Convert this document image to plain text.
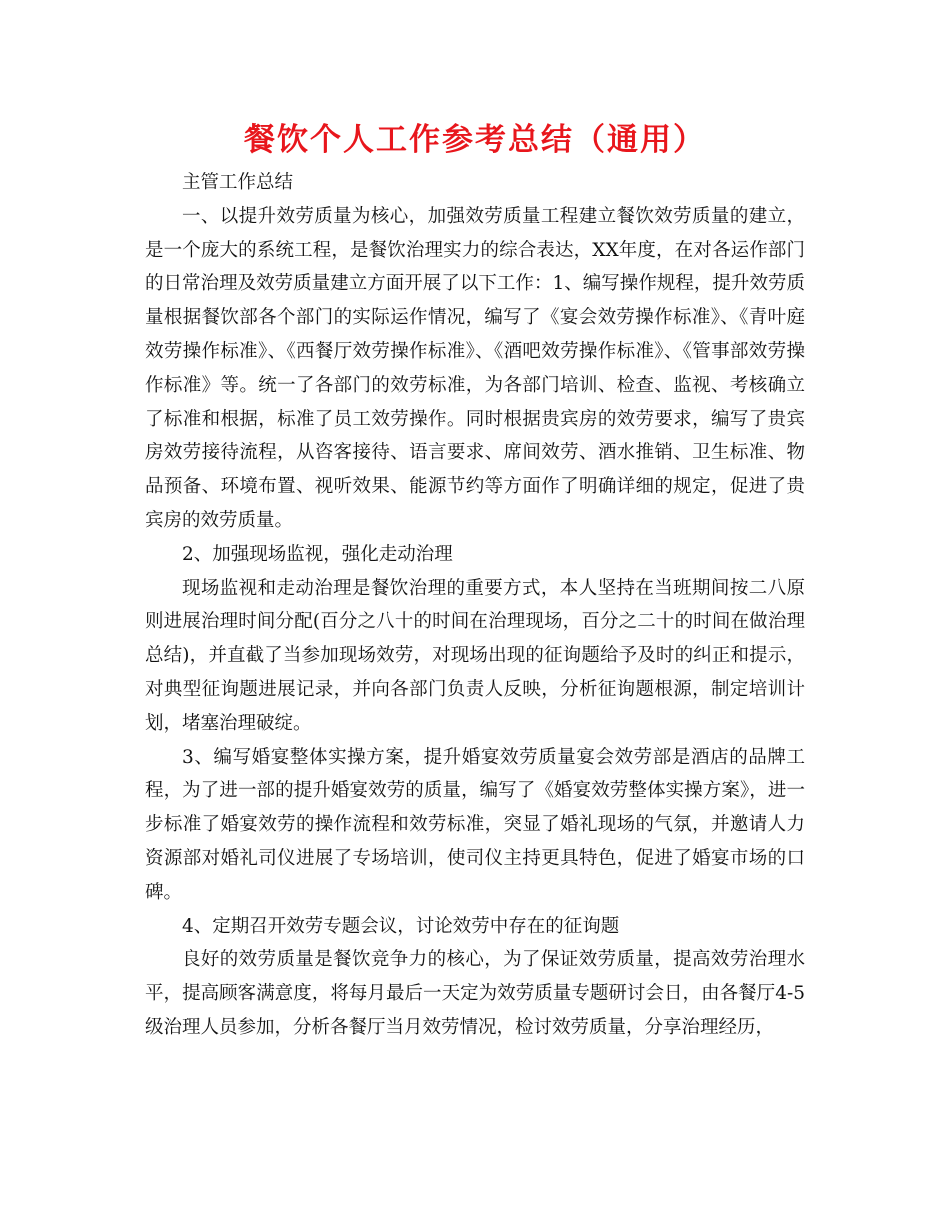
餐饮个人工作参考总结（通用）

主管工作总结

一、以提升效劳质量为核心，加强效劳质量工程建立餐饮效劳质量的建立，是一个庞大的系统工程，是餐饮治理实力的综合表达，XX年度，在对各运作部门的日常治理及效劳质量建立方面开展了以下工作：1、编写操作规程，提升效劳质量根据餐饮部各个部门的实际运作情况，编写了《宴会效劳操作标准》、《青叶庭效劳操作标准》、《西餐厅效劳操作标准》、《酒吧效劳操作标准》、《管事部效劳操作标准》等。统一了各部门的效劳标准，为各部门培训、检查、监视、考核确立了标准和根据，标准了员工效劳操作。同时根据贵宾房的效劳要求，编写了贵宾房效劳接待流程，从咨客接待、语言要求、席间效劳、酒水推销、卫生标准、物品预备、环境布置、视听效果、能源节约等方面作了明确详细的规定，促进了贵宾房的效劳质量。

2、加强现场监视，强化走动治理

现场监视和走动治理是餐饮治理的重要方式，本人坚持在当班期间按二八原则进展治理时间分配(百分之八十的时间在治理现场，百分之二十的时间在做治理总结)，并直截了当参加现场效劳，对现场出现的征询题给予及时的纠正和提示，对典型征询题进展记录，并向各部门负责人反映，分析征询题根源，制定培训计划，堵塞治理破绽。

3、编写婚宴整体实操方案，提升婚宴效劳质量宴会效劳部是酒店的品牌工程，为了进一部的提升婚宴效劳的质量，编写了《婚宴效劳整体实操方案》，进一步标准了婚宴效劳的操作流程和效劳标准，突显了婚礼现场的气氛，并邀请人力资源部对婚礼司仪进展了专场培训，使司仪主持更具特色，促进了婚宴市场的口碑。

4、定期召开效劳专题会议，讨论效劳中存在的征询题

良好的效劳质量是餐饮竞争力的核心，为了保证效劳质量，提高效劳治理水平，提高顾客满意度，将每月最后一天定为效劳质量专题研讨会日，由各餐厅4-5级治理人员参加，分析各餐厅当月效劳情况，检讨效劳质量，分享治理经历，
